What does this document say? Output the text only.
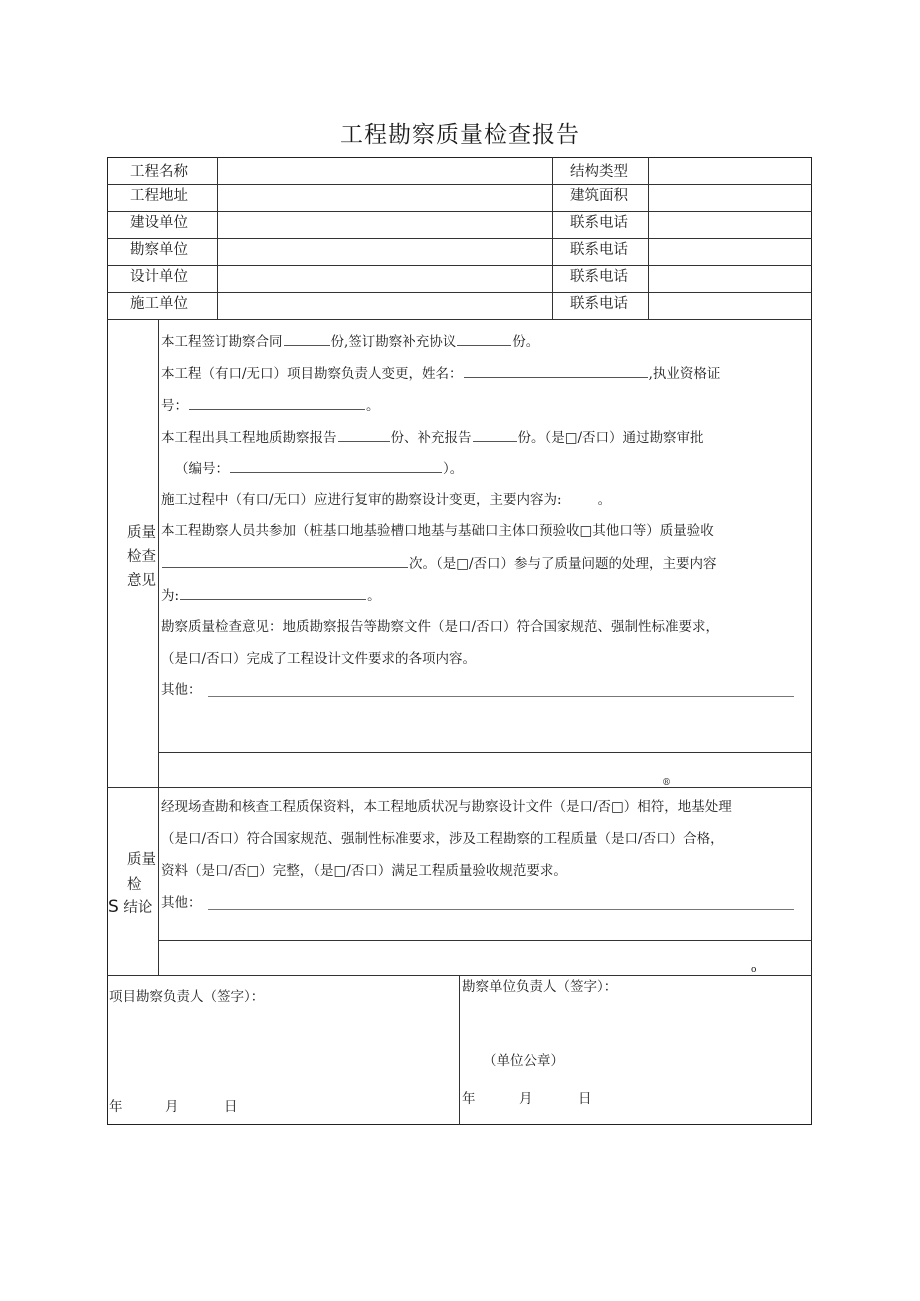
工程勘察质量检查报告
工程名称	结构类型
工程地址	建筑面积
建设单位	联系电话
勘察单位	联系电话
设计单位	联系电话
施工单位	联系电话
质量
检查
意见
本工程签订勘察合同	份,签订勘察补充协议	份。
本工程（有口/无口）项目勘察负责人变更，姓名：	,执业资格证
号：	。
本工程出具工程地质勘察报告	份、补充报告	份。（是□/否口）通过勘察审批
（编号：	）。
施工过程中（有口/无口）应进行复审的勘察设计变更，主要内容为:	。
本工程勘察人员共参加（桩基口地基验槽口地基与基础口主体口预验收□其他口等）质量验收
次。（是□/否口）参与了质量问题的处理，主要内容
为:	。
勘察质量检查意见：地质勘察报告等勘察文件（是口/否口）符合国家规范、强制性标准要求，
（是口/否口）完成了工程设计文件要求的各项内容。
其他：
®
质量
检
S 结论
经现场查勘和核查工程质保资料，本工程地质状况与勘察设计文件（是口/否□）相符，地基处理
（是口/否口）符合国家规范、强制性标准要求，涉及工程勘察的工程质量（是口/否口）合格，
资料（是口/否□）完整，（是□/否口）满足工程质量验收规范要求。
其他：
o
项目勘察负责人（签字）：
勘察单位负责人（签字）：
（单位公章）
年	月	日	年	月	日
